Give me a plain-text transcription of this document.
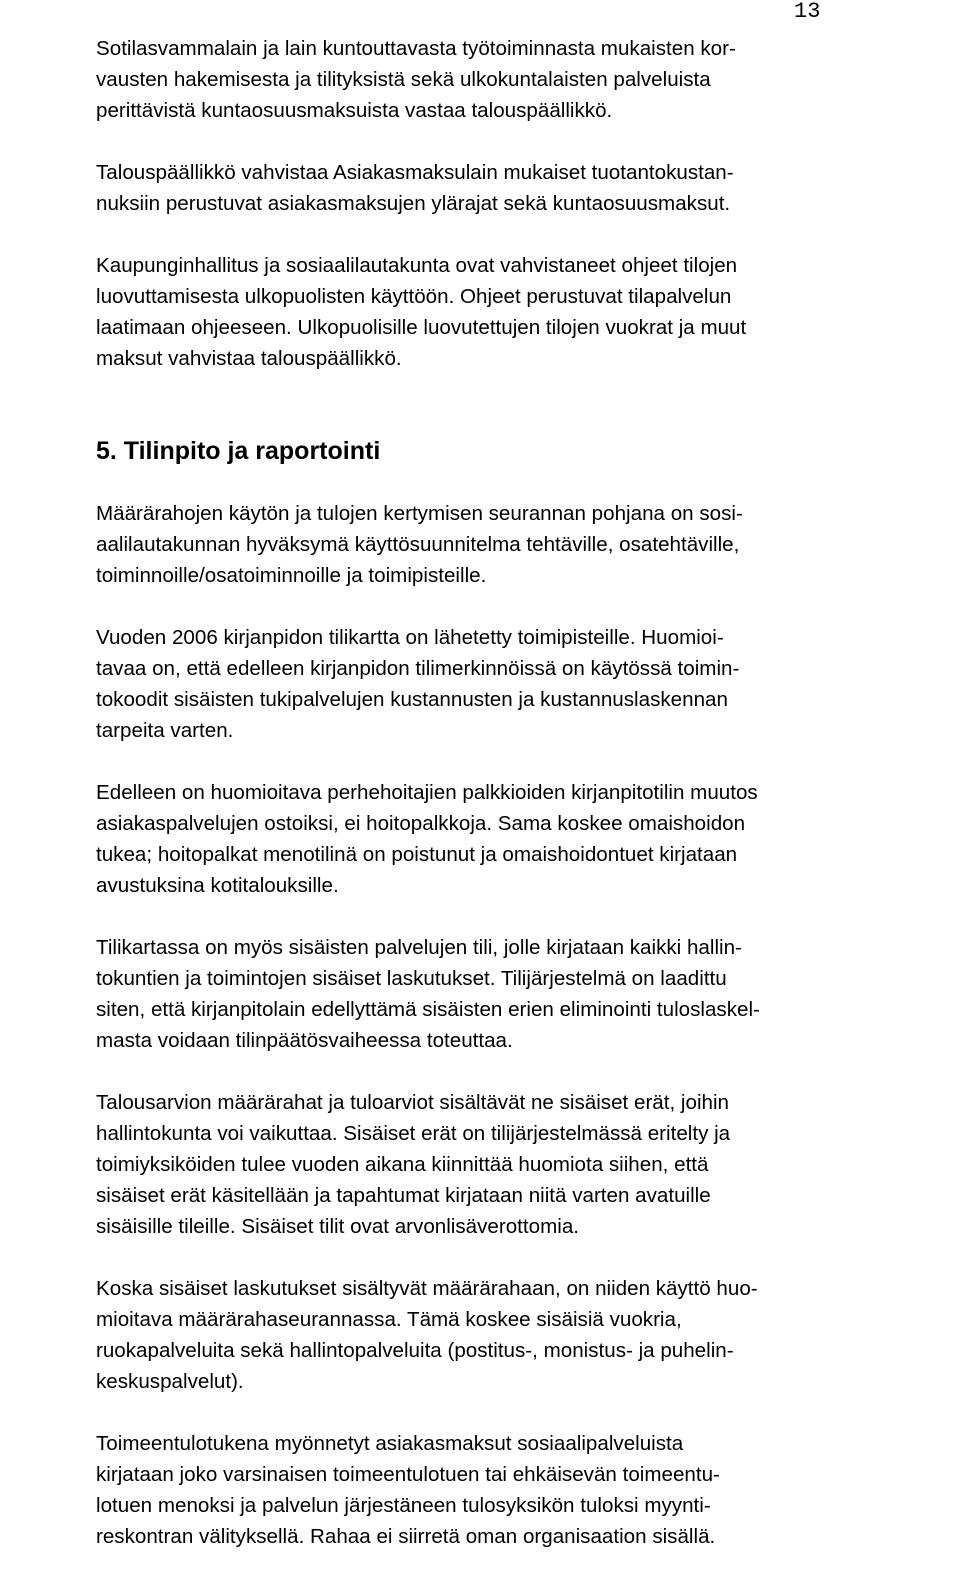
13
Sotilasvammalain ja lain kuntouttavasta työtoiminnasta mukaisten kor-
vausten hakemisesta ja tilityksistä sekä ulkokuntalaisten palveluista
perittävistä kuntaosuusmaksuista vastaa talouspäällikkö.
Talouspäällikkö vahvistaa Asiakasmaksulain mukaiset tuotantokustan-
nuksiin perustuvat asiakasmaksujen ylärajat sekä kuntaosuusmaksut.
Kaupunginhallitus ja sosiaalilautakunta ovat vahvistaneet ohjeet tilojen
luovuttamisesta ulkopuolisten käyttöön. Ohjeet perustuvat tilapalvelun
laatimaan ohjeeseen. Ulkopuolisille luovutettujen tilojen vuokrat ja muut
maksut vahvistaa talouspäällikkö.
5. Tilinpito ja raportointi
Määrärahojen käytön ja tulojen kertymisen seurannan pohjana on sosi-
aalilautakunnan hyväksymä käyttösuunnitelma tehtäville, osatehtäville,
toiminnoille/osatoiminnoille ja toimipisteille.
Vuoden 2006 kirjanpidon tilikartta on lähetetty toimipisteille. Huomioi-
tavaa on, että edelleen kirjanpidon tilimerkinnöissä on käytössä toimin-
tokoodit sisäisten tukipalvelujen kustannusten ja kustannuslaskennan
tarpeita varten.
Edelleen on huomioitava perhehoitajien palkkioiden kirjanpitotilin muutos
asiakaspalvelujen ostoiksi, ei hoitopalkkoja. Sama koskee omaishoidon
tukea; hoitopalkat menotilinä on poistunut ja omaishoidontuet kirjataan
avustuksina kotitalouksille.
Tilikartassa on myös sisäisten palvelujen tili, jolle kirjataan kaikki hallin-
tokuntien ja toimintojen sisäiset laskutukset. Tilijärjestelmä on laadittu
siten, että kirjanpitolain edellyttämä sisäisten erien eliminointi tuloslaskel-
masta voidaan tilinpäätösvaiheessa toteuttaa.
Talousarvion määrärahat ja tuloarviot sisältävät ne sisäiset erät, joihin
hallintokunta voi vaikuttaa. Sisäiset erät on tilijärjestelmässä eritelty ja
toimiyksiköiden tulee vuoden aikana kiinnittää huomiota siihen, että
sisäiset erät käsitellään ja tapahtumat kirjataan niitä varten avatuille
sisäisille tileille. Sisäiset tilit ovat arvonlisäverottomia.
Koska sisäiset laskutukset sisältyvät määrärahaan, on niiden käyttö huo-
mioitava määrärahaseurannassa. Tämä koskee sisäisiä vuokria,
ruokapalveluita sekä hallintopalveluita (postitus-, monistus- ja puhelin-
keskuspalvelut).
Toimeentulotukena myönnetyt asiakasmaksut sosiaalipalveluista
kirjataan joko varsinaisen toimeentulotuen tai ehkäisevän toimeentu-
lotuen menoksi ja palvelun järjestäneen tulosyksikön tuloksi myynti-
reskontran välityksellä. Rahaa ei siirretä oman organisaation sisällä.
